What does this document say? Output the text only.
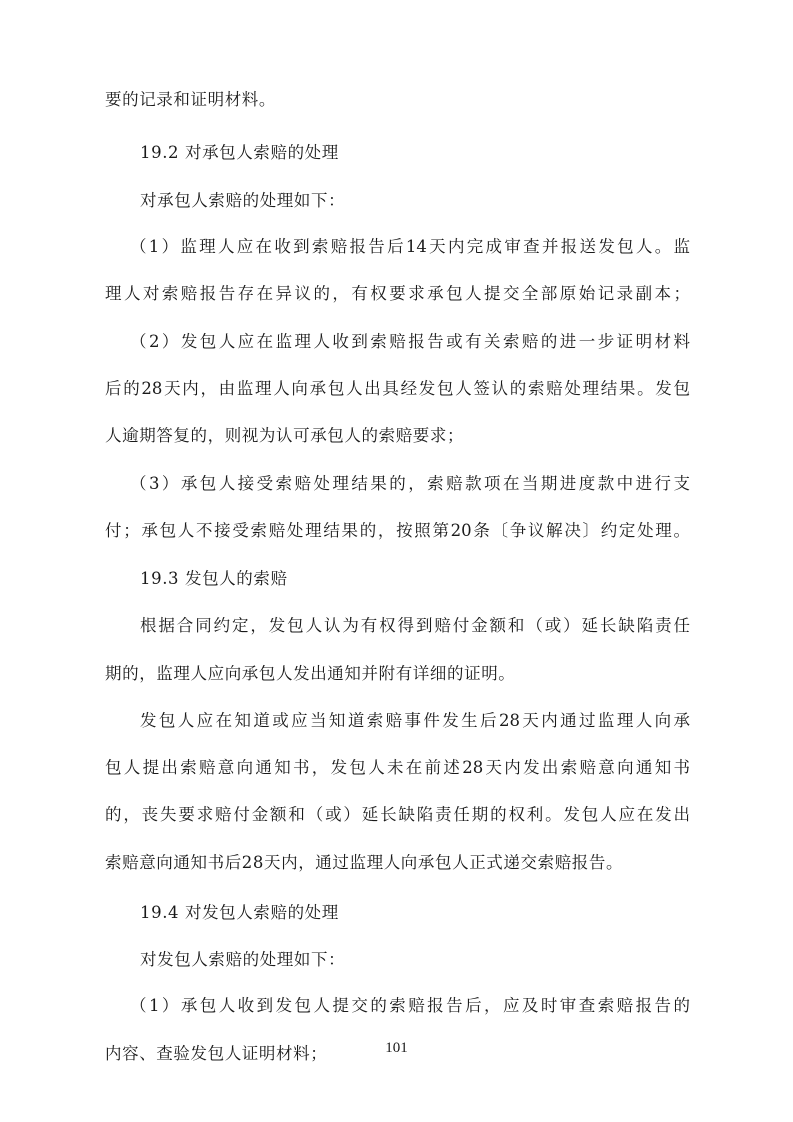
要的记录和证明材料。
19.2 对承包人索赔的处理
对承包人索赔的处理如下：
（1）监理人应在收到索赔报告后14天内完成审查并报送发包人。监
理人对索赔报告存在异议的，有权要求承包人提交全部原始记录副本；
（2）发包人应在监理人收到索赔报告或有关索赔的进一步证明材料
后的28天内，由监理人向承包人出具经发包人签认的索赔处理结果。发包
人逾期答复的，则视为认可承包人的索赔要求；
（3）承包人接受索赔处理结果的，索赔款项在当期进度款中进行支
付；承包人不接受索赔处理结果的，按照第20条〔争议解决〕约定处理。
19.3 发包人的索赔
根据合同约定，发包人认为有权得到赔付金额和（或）延长缺陷责任
期的，监理人应向承包人发出通知并附有详细的证明。
发包人应在知道或应当知道索赔事件发生后28天内通过监理人向承
包人提出索赔意向通知书，发包人未在前述28天内发出索赔意向通知书
的，丧失要求赔付金额和（或）延长缺陷责任期的权利。发包人应在发出
索赔意向通知书后28天内，通过监理人向承包人正式递交索赔报告。
19.4 对发包人索赔的处理
对发包人索赔的处理如下：
（1）承包人收到发包人提交的索赔报告后，应及时审查索赔报告的
内容、查验发包人证明材料；	101
